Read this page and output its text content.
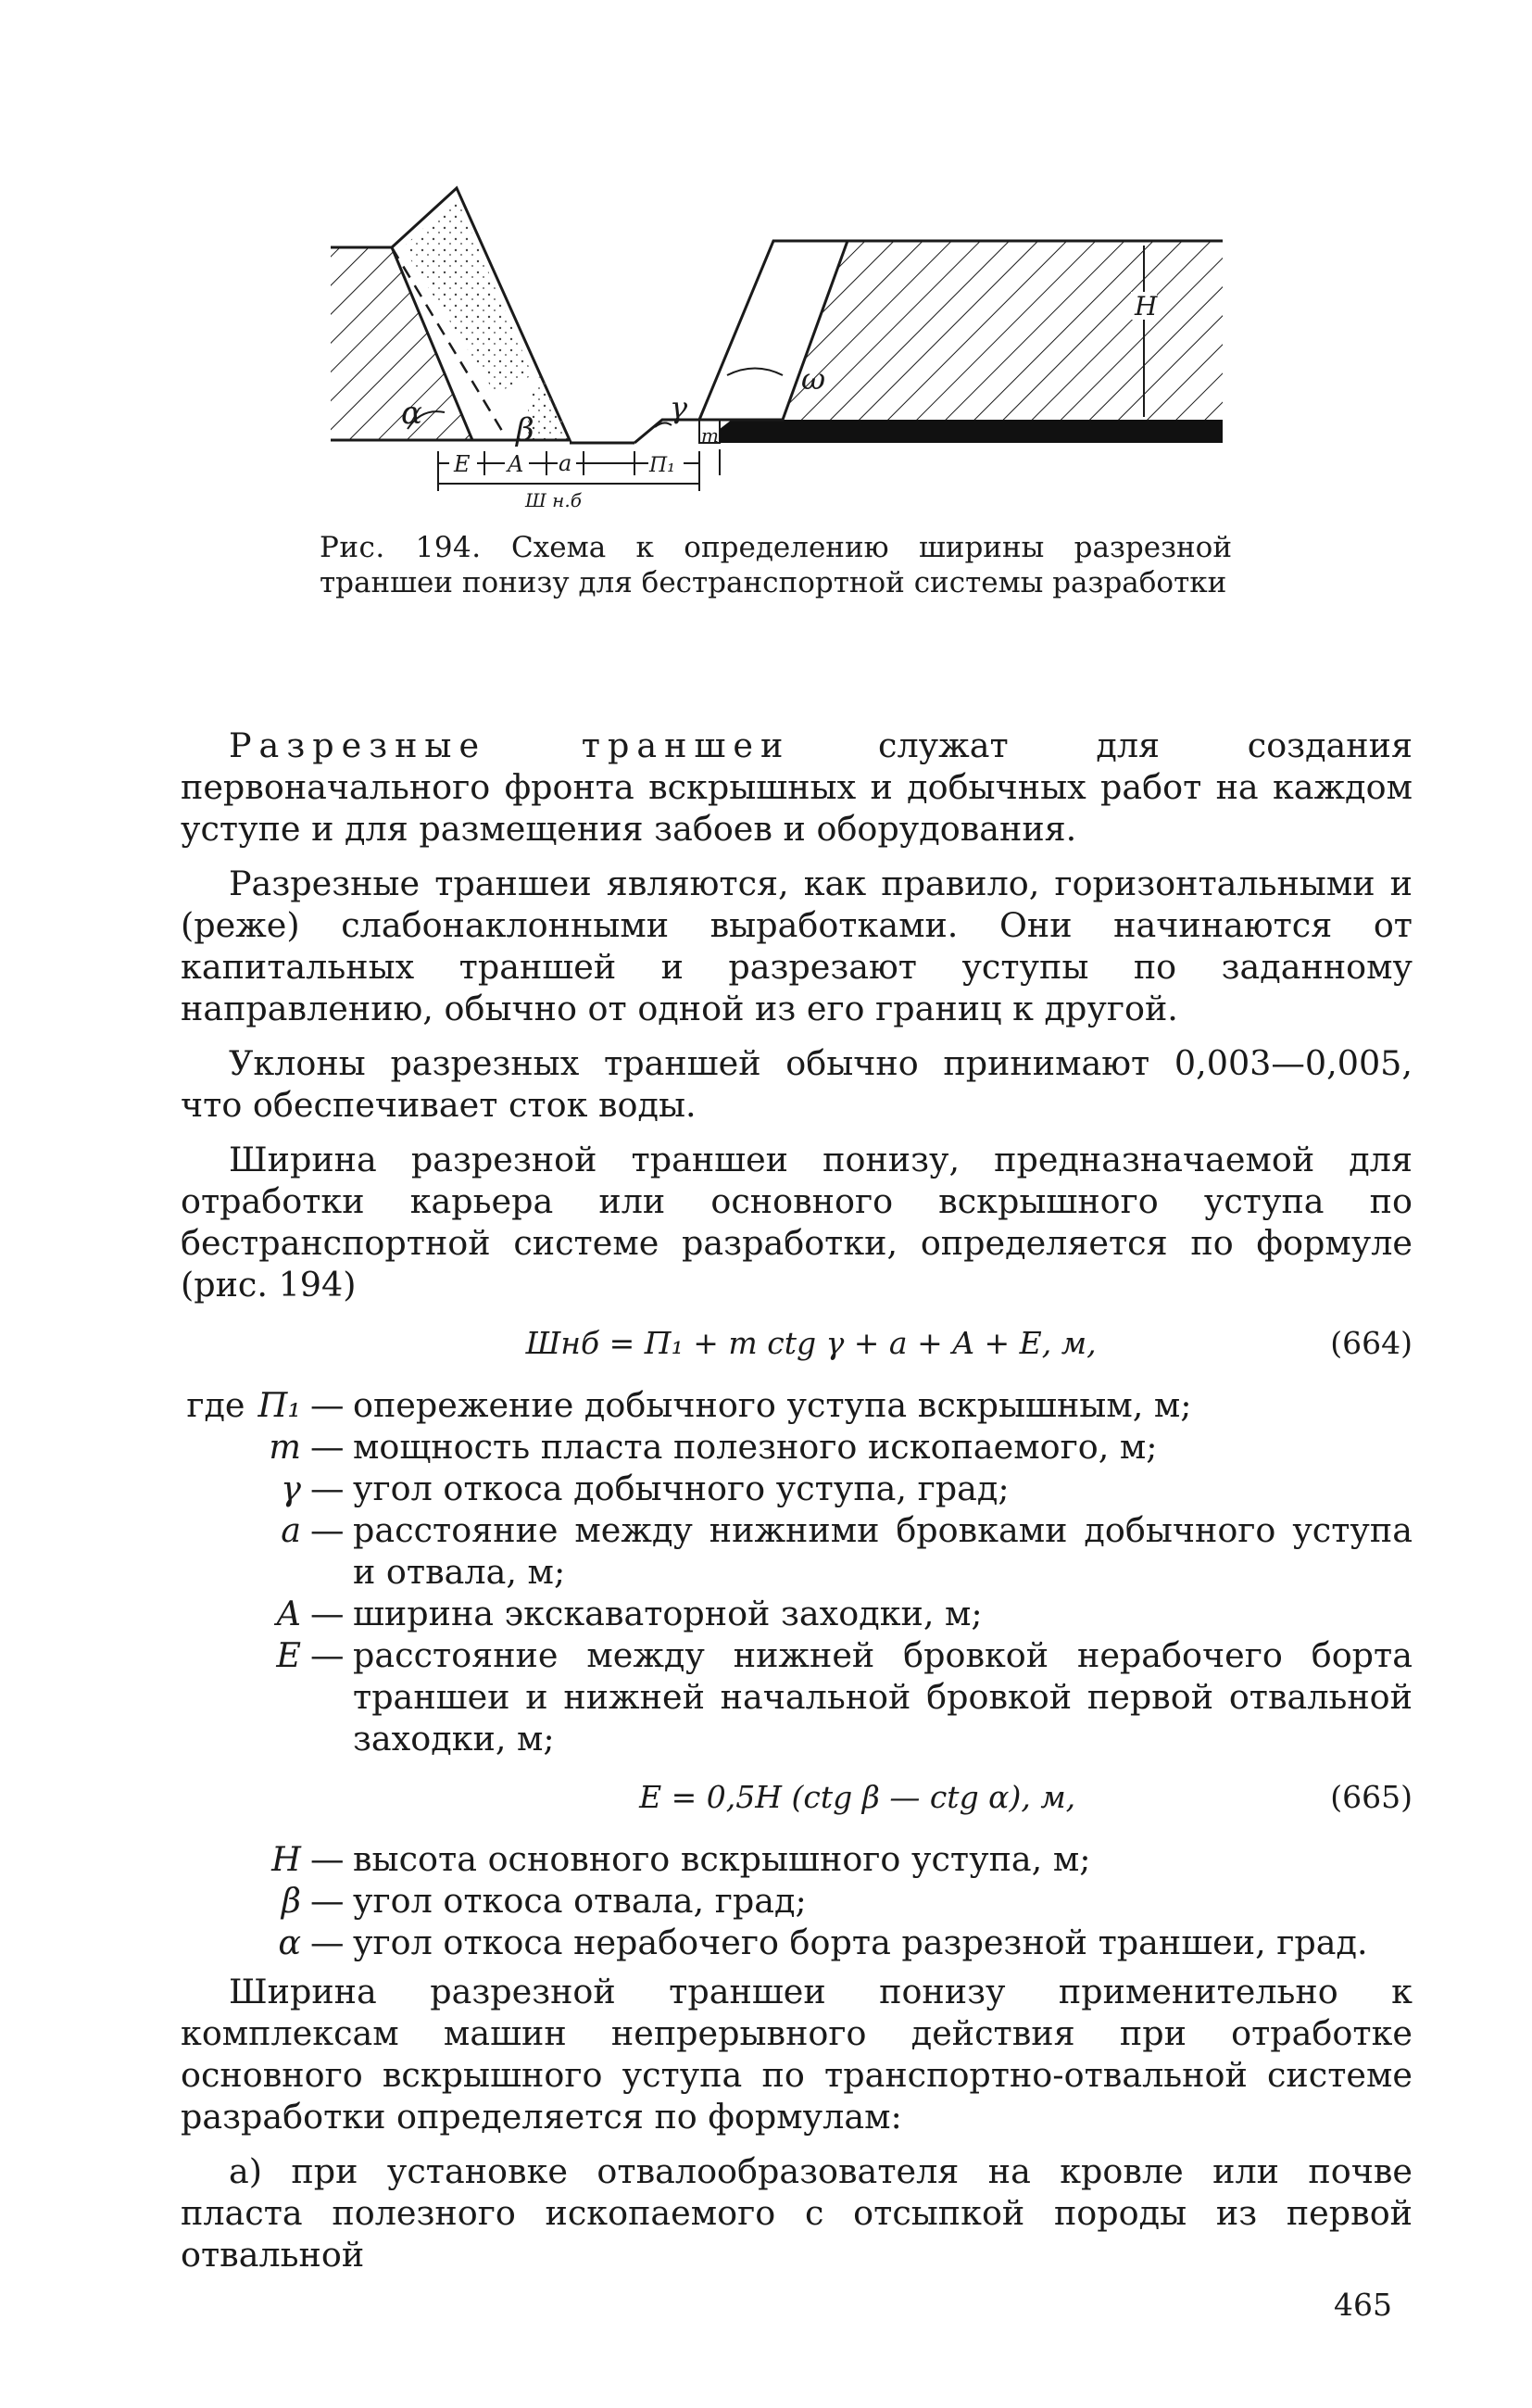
α	β
γ
m
H
ω
E A a	П₁
Ш н.б
Рис. 194. Схема к определению ширины разрезной траншеи понизу для бестранспортной системы разработки

Разрезные траншеи	служат для создания первоначального фронта вскрышных и добычных работ на каждом уступе и для размещения забоев и оборудования.

Разрезные траншеи являются, как правило, горизонтальными и (реже) слабонаклонными выработками. Они начинаются от капитальных траншей и разрезают уступы по заданному направлению, обычно от одной из его границ к другой.

Уклоны разрезных траншей обычно принимают 0,003—0,005, что обеспечивает сток воды.

Ширина разрезной траншеи понизу, предназначаемой для отработки карьера или основного вскрышного уступа по бестранспортной системе разработки, определяется по формуле (рис. 194)

Шнб = П₁ + m ctg γ + a + A + E, м,	(664)
где П₁ — опережение добычного уступа вскрышным, м;
m — мощность пласта полезного ископаемого, м;
γ — угол откоса добычного уступа, град;
a — расстояние между нижними бровками добычного уступа и отвала, м;
A — ширина экскаваторной заходки, м;
E — расстояние между нижней бровкой нерабочего борта траншеи и нижней начальной бровкой первой отвальной заходки, м;
E = 0,5H (ctg β — ctg α), м,	(665)
H — высота основного вскрышного уступа, м;
β — угол откоса отвала, град;
α — угол откоса нерабочего борта разрезной траншеи, град.

Ширина разрезной траншеи понизу применительно к комплексам машин непрерывного действия при отработке основного вскрышного уступа по транспортно-отвальной системе разработки определяется по формулам:

а) при установке отвалообразователя на кровле или почве пласта полезного ископаемого с отсыпкой породы из первой отвальной

465
